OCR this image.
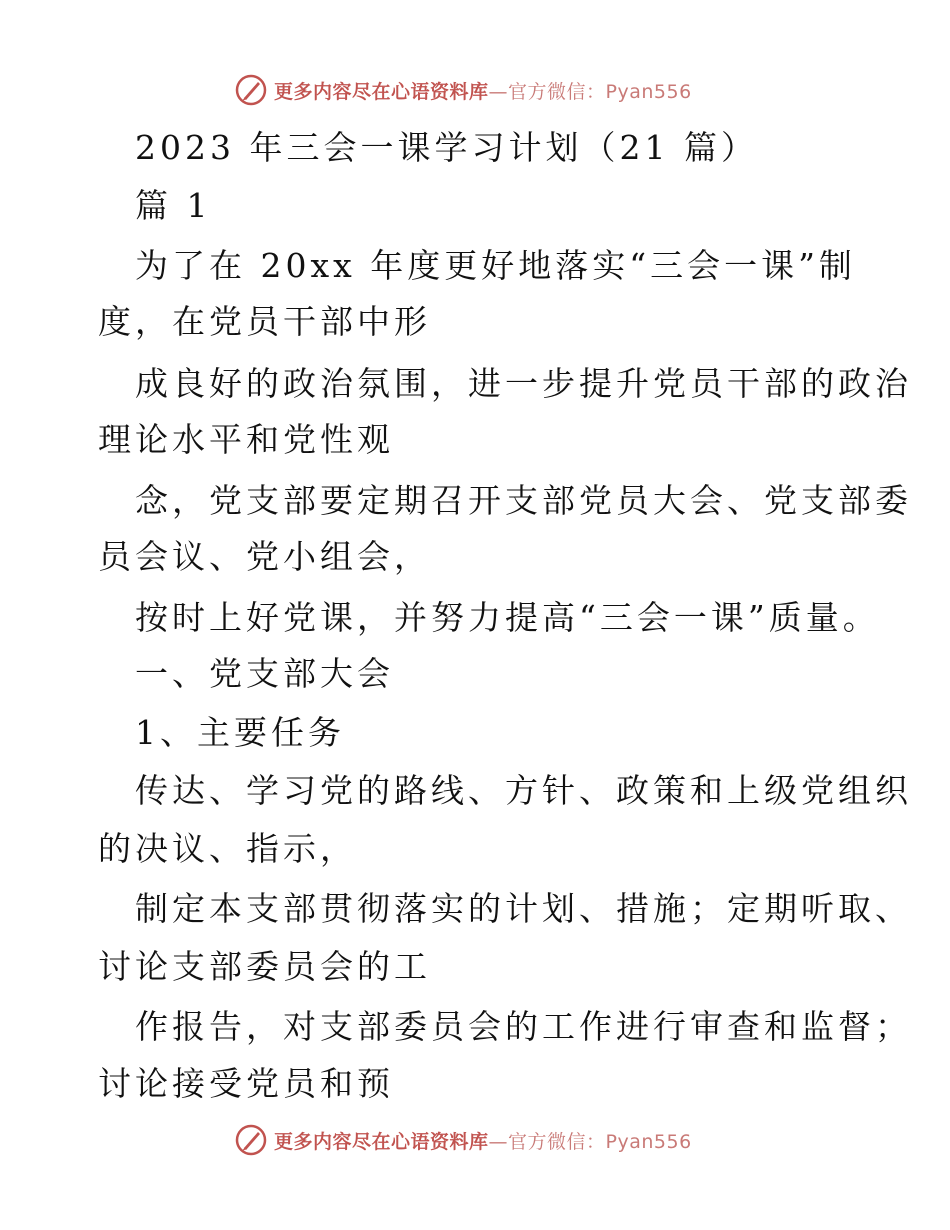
更多内容尽在心语资料库—官方微信：Pyan556
2023 年三会一课学习计划（21 篇）
篇 1
为了在 20xx 年度更好地落实“三会一课”制
度，在党员干部中形
成良好的政治氛围，进一步提升党员干部的政治
理论水平和党性观
念，党支部要定期召开支部党员大会、党支部委
员会议、党小组会，
按时上好党课，并努力提高“三会一课”质量。
一、党支部大会
1、主要任务
传达、学习党的路线、方针、政策和上级党组织
的决议、指示，
制定本支部贯彻落实的计划、措施；定期听取、
讨论支部委员会的工
作报告，对支部委员会的工作进行审查和监督；
讨论接受党员和预
更多内容尽在心语资料库—官方微信：Pyan556
